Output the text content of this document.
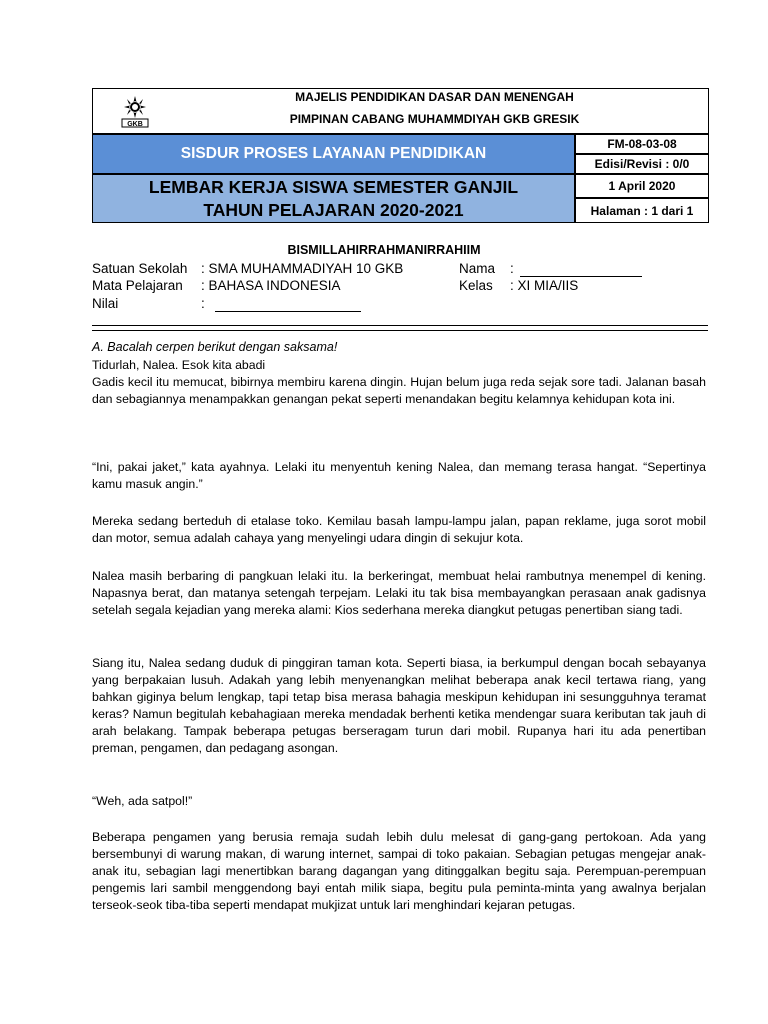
GKB
MAJELIS PENDIDIKAN DASAR DAN MENENGAH
PIMPINAN CABANG MUHAMMDIYAH GKB GRESIK
SISDUR PROSES LAYANAN PENDIDIKAN
LEMBAR KERJA SISWA SEMESTER GANJIL
TAHUN PELAJARAN 2020-2021
FM-08-03-08
Edisi/Revisi : 0/0
1 April 2020
Halaman : 1 dari 1
BISMILLAHIRRAHMANIRRAHIIM
Satuan Sekolah : SMA MUHAMMADIYAH 10 GKB
Mata Pelajaran : BAHASA INDONESIA
Nilai	:
Nama :
Kelas : XI MIA/IIS
A. Bacalah cerpen berikut dengan saksama!
Tidurlah, Nalea. Esok kita abadi
Gadis kecil itu memucat, bibirnya membiru karena dingin. Hujan belum juga reda sejak sore tadi. Jalanan basah dan sebagiannya menampakkan genangan pekat seperti menandakan begitu kelamnya kehidupan kota ini.
“Ini, pakai jaket,” kata ayahnya. Lelaki itu menyentuh kening Nalea, dan memang terasa hangat. “Sepertinya kamu masuk angin.”
Mereka sedang berteduh di etalase toko. Kemilau basah lampu-lampu jalan, papan reklame, juga sorot mobil dan motor, semua adalah cahaya yang menyelingi udara dingin di sekujur kota.
Nalea masih berbaring di pangkuan lelaki itu. Ia berkeringat, membuat helai rambutnya menempel di kening. Napasnya berat, dan matanya setengah terpejam. Lelaki itu tak bisa membayangkan perasaan anak gadisnya setelah segala kejadian yang mereka alami: Kios sederhana mereka diangkut petugas penertiban siang tadi.
Siang itu, Nalea sedang duduk di pinggiran taman kota. Seperti biasa, ia berkumpul dengan bocah sebayanya yang berpakaian lusuh. Adakah yang lebih menyenangkan melihat beberapa anak kecil tertawa riang, yang bahkan giginya belum lengkap, tapi tetap bisa merasa bahagia meskipun kehidupan ini sesungguhnya teramat keras? Namun begitulah kebahagiaan mereka mendadak berhenti ketika mendengar suara keributan tak jauh di arah belakang. Tampak beberapa petugas berseragam turun dari mobil. Rupanya hari itu ada penertiban preman, pengamen, dan pedagang asongan.
“Weh, ada satpol!”
Beberapa pengamen yang berusia remaja sudah lebih dulu melesat di gang-gang pertokoan. Ada yang bersembunyi di warung makan, di warung internet, sampai di toko pakaian. Sebagian petugas mengejar anak-anak itu, sebagian lagi menertibkan barang dagangan yang ditinggalkan begitu saja. Perempuan-perempuan pengemis lari sambil menggendong bayi entah milik siapa, begitu pula peminta-minta yang awalnya berjalan terseok-seok tiba-tiba seperti mendapat mukjizat untuk lari menghindari kejaran petugas.
